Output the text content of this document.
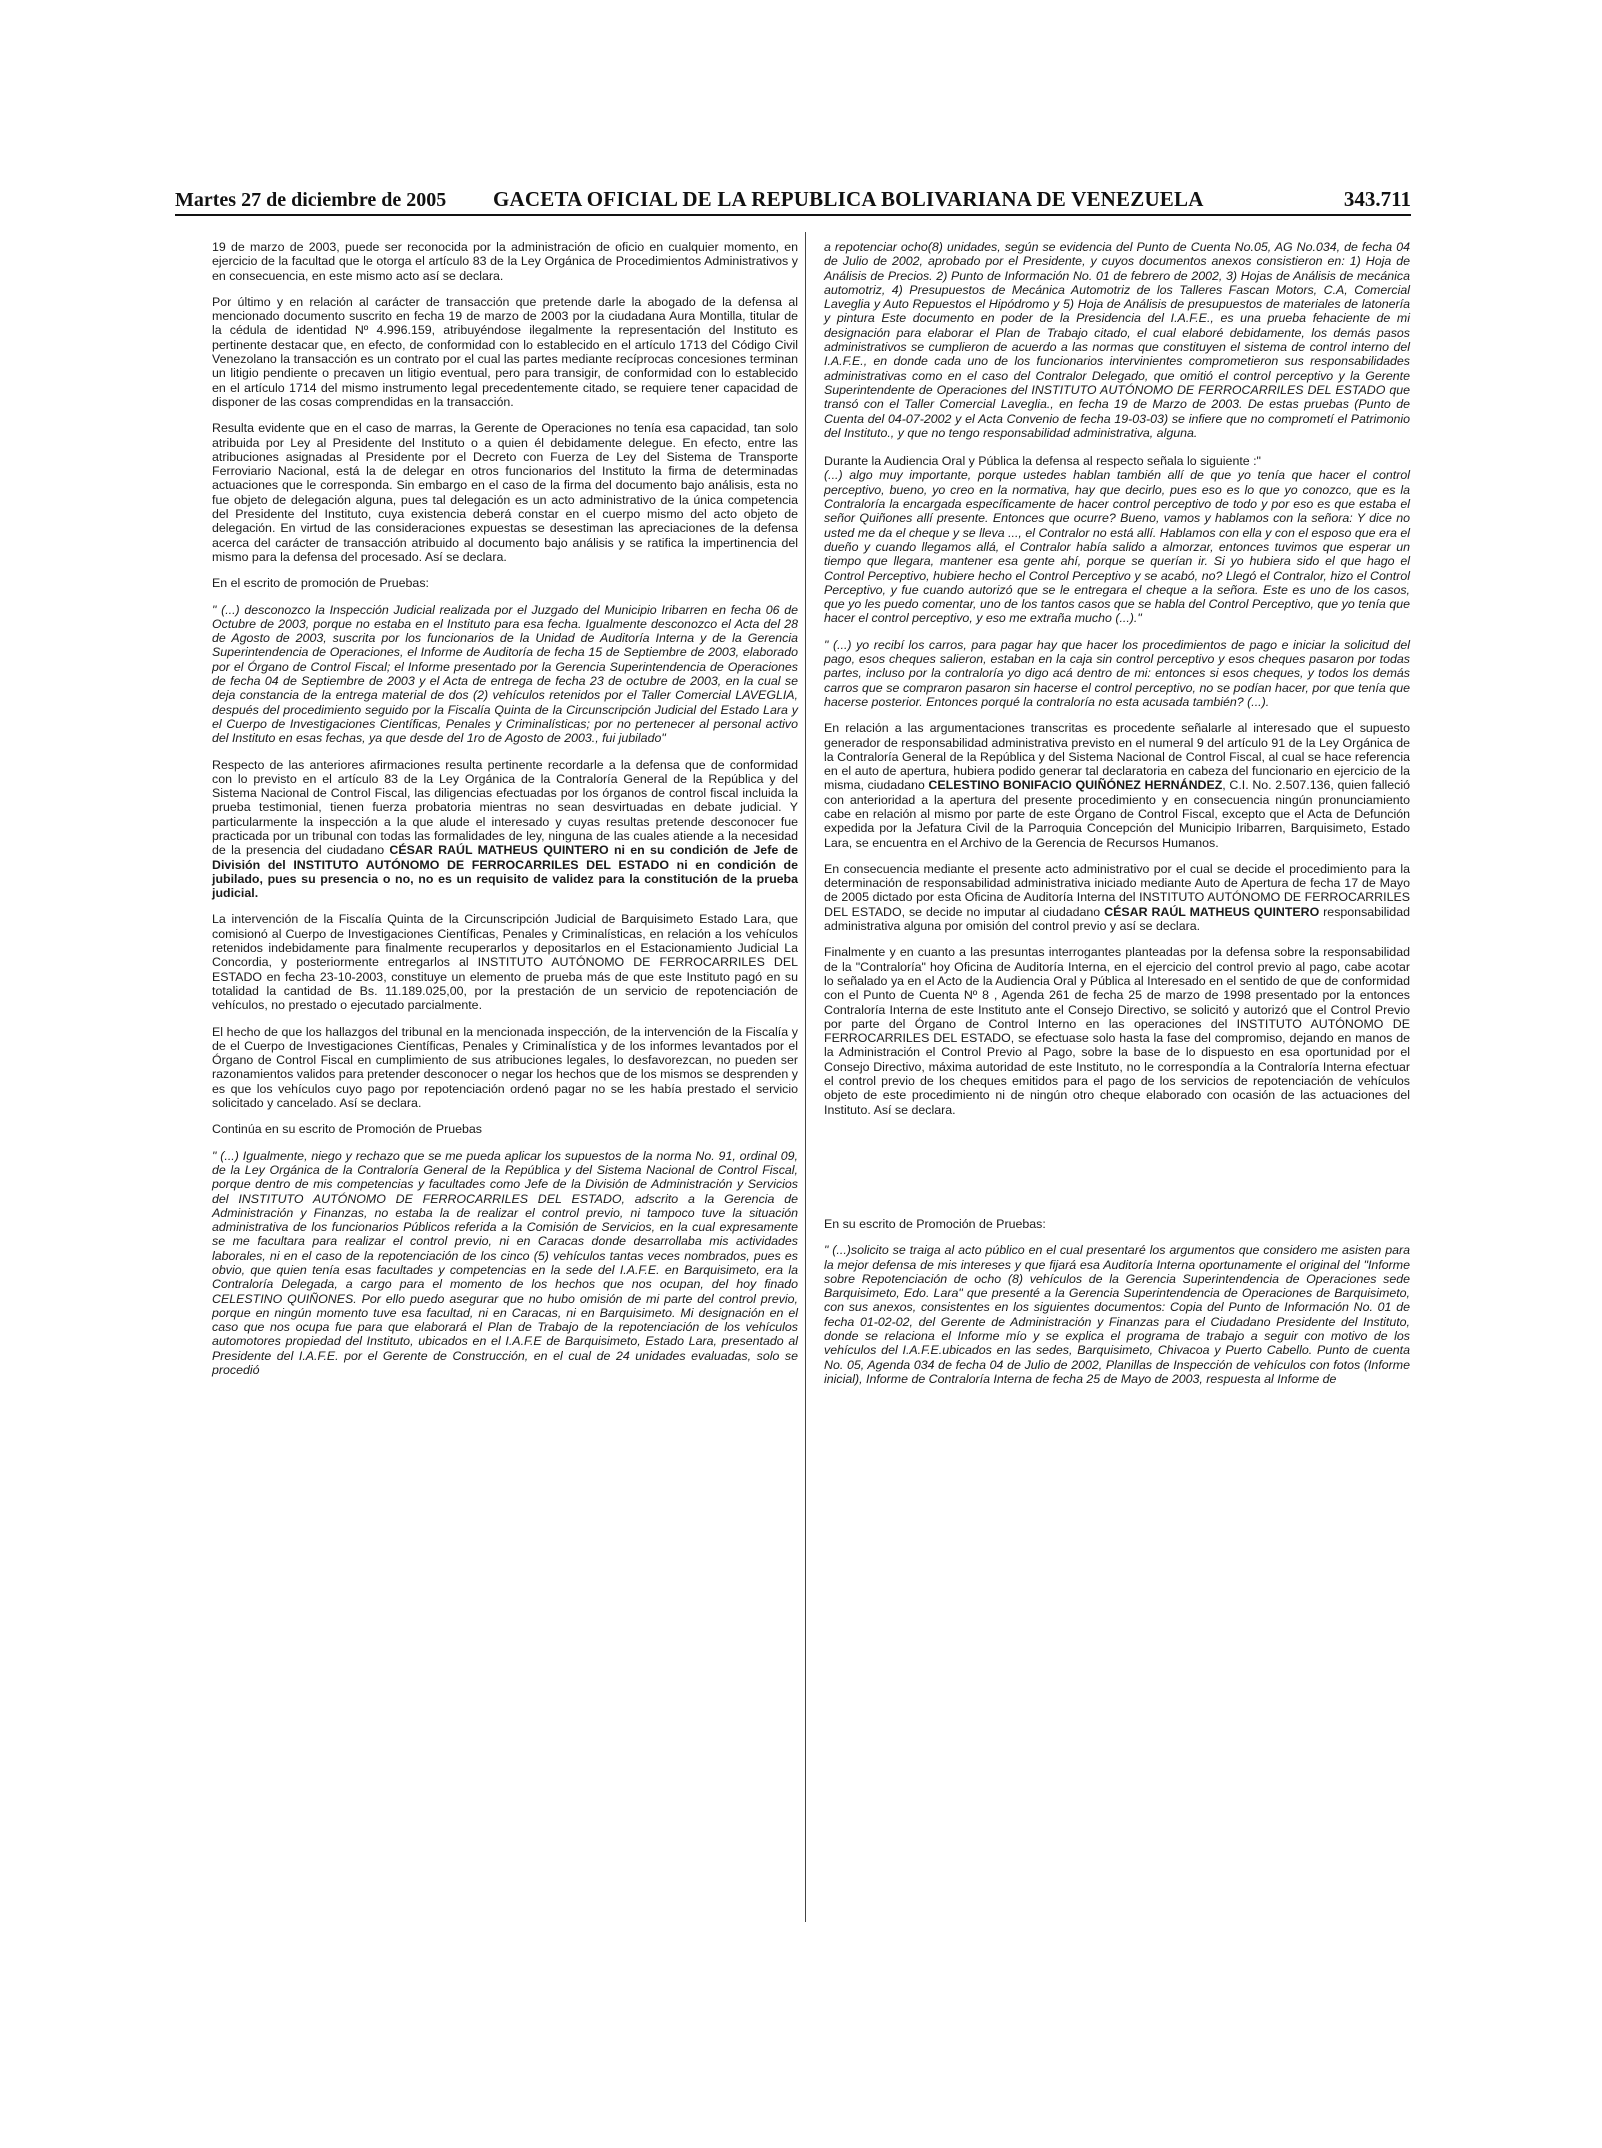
Martes 27 de diciembre de 2005 GACETA OFICIAL DE LA REPUBLICA BOLIVARIANA DE VENEZUELA	343.711

19 de marzo de 2003, puede ser reconocida por la administración de oficio en cualquier momento, en ejercicio de la facultad que le otorga el artículo 83 de la Ley Orgánica de Procedimientos Administrativos y en consecuencia, en este mismo acto así se declara.

Por último y en relación al carácter de transacción que pretende darle la abogado de la defensa al mencionado documento suscrito en fecha 19 de marzo de 2003 por la ciudadana Aura Montilla, titular de la cédula de identidad Nº 4.996.159, atribuyéndose ilegalmente la representación del Instituto es pertinente destacar que, en efecto, de conformidad con lo establecido en el artículo 1713 del Código Civil Venezolano la transacción es un contrato por el cual las partes mediante recíprocas concesiones terminan un litigio pendiente o precaven un litigio eventual, pero para transigir, de conformidad con lo establecido en el artículo 1714 del mismo instrumento legal precedentemente citado, se requiere tener capacidad de disponer de las cosas comprendidas en la transacción.

Resulta evidente que en el caso de marras, la Gerente de Operaciones no tenía esa capacidad, tan solo atribuida por Ley al Presidente del Instituto o a quien él debidamente delegue. En efecto, entre las atribuciones asignadas al Presidente por el Decreto con Fuerza de Ley del Sistema de Transporte Ferroviario Nacional, está la de delegar en otros funcionarios del Instituto la firma de determinadas actuaciones que le corresponda. Sin embargo en el caso de la firma del documento bajo análisis, esta no fue objeto de delegación alguna, pues tal delegación es un acto administrativo de la única competencia del Presidente del Instituto, cuya existencia deberá constar en el cuerpo mismo del acto objeto de delegación. En virtud de las consideraciones expuestas se desestiman las apreciaciones de la defensa acerca del carácter de transacción atribuido al documento bajo análisis y se ratifica la impertinencia del mismo para la defensa del procesado. Así se declara.

En el escrito de promoción de Pruebas:

" (...) desconozco la Inspección Judicial realizada por el Juzgado del Municipio Iribarren en fecha 06 de Octubre de 2003, porque no estaba en el Instituto para esa fecha. Igualmente desconozco el Acta del 28 de Agosto de 2003, suscrita por los funcionarios de la Unidad de Auditoría Interna y de la Gerencia Superintendencia de Operaciones, el Informe de Auditoría de fecha 15 de Septiembre de 2003, elaborado por el Órgano de Control Fiscal; el Informe presentado por la Gerencia Superintendencia de Operaciones de fecha 04 de Septiembre de 2003 y el Acta de entrega de fecha 23 de octubre de 2003, en la cual se deja constancia de la entrega material de dos (2) vehículos retenidos por el Taller Comercial LAVEGLIA, después del procedimiento seguido por la Fiscalía Quinta de la Circunscripción Judicial del Estado Lara y el Cuerpo de Investigaciones Científicas, Penales y Criminalísticas; por no pertenecer al personal activo del Instituto en esas fechas, ya que desde del 1ro de Agosto de 2003., fui jubilado"

Respecto de las anteriores afirmaciones resulta pertinente recordarle a la defensa que de conformidad con lo previsto en el artículo 83 de la Ley Orgánica de la Contraloría General de la República y del Sistema Nacional de Control Fiscal, las diligencias efectuadas por los órganos de control fiscal incluida la prueba testimonial, tienen fuerza probatoria mientras no sean desvirtuadas en debate judicial. Y particularmente la inspección a la que alude el interesado y cuyas resultas pretende desconocer fue practicada por un tribunal con todas las formalidades de ley, ninguna de las cuales atiende a la necesidad de la presencia del ciudadano CÉSAR RAÚL MATHEUS QUINTERO ni en su condición de Jefe de División del INSTITUTO AUTÓNOMO DE FERROCARRILES DEL ESTADO ni en condición de jubilado, pues su presencia o no, no es un requisito de validez para la constitución de la prueba judicial.

La intervención de la Fiscalía Quinta de la Circunscripción Judicial de Barquisimeto Estado Lara, que comisionó al Cuerpo de Investigaciones Científicas, Penales y Criminalísticas, en relación a los vehículos retenidos indebidamente para finalmente recuperarlos y depositarlos en el Estacionamiento Judicial La Concordia, y posteriormente entregarlos al INSTITUTO AUTÓNOMO DE FERROCARRILES DEL ESTADO en fecha 23-10-2003, constituye un elemento de prueba más de que este Instituto pagó en su totalidad la cantidad de Bs. 11.189.025,00, por la prestación de un servicio de repotenciación de vehículos, no prestado o ejecutado parcialmente.

El hecho de que los hallazgos del tribunal en la mencionada inspección, de la intervención de la Fiscalía y de el Cuerpo de Investigaciones Científicas, Penales y Criminalística y de los informes levantados por el Órgano de Control Fiscal en cumplimiento de sus atribuciones legales, lo desfavorezcan, no pueden ser razonamientos validos para pretender desconocer o negar los hechos que de los mismos se desprenden y es que los vehículos cuyo pago por repotenciación ordenó pagar no se les había prestado el servicio solicitado y cancelado. Así se declara.

Continúa en su escrito de Promoción de Pruebas

" (...) Igualmente, niego y rechazo que se me pueda aplicar los supuestos de la norma No. 91, ordinal 09, de la Ley Orgánica de la Contraloría General de la República y del Sistema Nacional de Control Fiscal, porque dentro de mis competencias y facultades como Jefe de la División de Administración y Servicios del INSTITUTO AUTÓNOMO DE FERROCARRILES DEL ESTADO, adscrito a la Gerencia de Administración y Finanzas, no estaba la de realizar el control previo, ni tampoco tuve la situación administrativa de los funcionarios Públicos referida a la Comisión de Servicios, en la cual expresamente se me facultara para realizar el control previo, ni en Caracas donde desarrollaba mis actividades laborales, ni en el caso de la repotenciación de los cinco (5) vehículos tantas veces nombrados, pues es obvio, que quien tenía esas facultades y competencias en la sede del I.A.F.E. en Barquisimeto, era la Contraloría Delegada, a cargo para el momento de los hechos que nos ocupan, del hoy finado CELESTINO QUIÑONES. Por ello puedo asegurar que no hubo omisión de mi parte del control previo, porque en ningún momento tuve esa facultad, ni en Caracas, ni en Barquisimeto. Mi designación en el caso que nos ocupa fue para que elaborará el Plan de Trabajo de la repotenciación de los vehículos automotores propiedad del Instituto, ubicados en el I.A.F.E de Barquisimeto, Estado Lara, presentado al Presidente del I.A.F.E. por el Gerente de Construcción, en el cual de 24 unidades evaluadas, solo se procedió

a repotenciar ocho(8) unidades, según se evidencia del Punto de Cuenta No.05, AG No.034, de fecha 04 de Julio de 2002, aprobado por el Presidente, y cuyos documentos anexos consistieron en: 1) Hoja de Análisis de Precios. 2) Punto de Información No. 01 de febrero de 2002, 3) Hojas de Análisis de mecánica automotriz, 4) Presupuestos de Mecánica Automotriz de los Talleres Fascan Motors, C.A, Comercial Laveglia y Auto Repuestos el Hipódromo y 5) Hoja de Análisis de presupuestos de materiales de latonería y pintura Este documento en poder de la Presidencia del I.A.F.E., es una prueba fehaciente de mi designación para elaborar el Plan de Trabajo citado, el cual elaboré debidamente, los demás pasos administrativos se cumplieron de acuerdo a las normas que constituyen el sistema de control interno del I.A.F.E., en donde cada uno de los funcionarios intervinientes comprometieron sus responsabilidades administrativas como en el caso del Contralor Delegado, que omitió el control perceptivo y la Gerente Superintendente de Operaciones del INSTITUTO AUTÓNOMO DE FERROCARRILES DEL ESTADO que transó con el Taller Comercial Laveglia., en fecha 19 de Marzo de 2003. De estas pruebas (Punto de Cuenta del 04-07-2002 y el Acta Convenio de fecha 19-03-03) se infiere que no comprometí el Patrimonio del Instituto., y que no tengo responsabilidad administrativa, alguna.

Durante la Audiencia Oral y Pública la defensa al respecto señala lo siguiente :"
(...) algo muy importante, porque ustedes hablan también allí de que yo tenía que hacer el control perceptivo, bueno, yo creo en la normativa, hay que decirlo, pues eso es lo que yo conozco, que es la Contraloría la encargada específicamente de hacer control perceptivo de todo y por eso es que estaba el señor Quiñones allí presente. Entonces que ocurre? Bueno, vamos y hablamos con la señora: Y dice no usted me da el cheque y se lleva ..., el Contralor no está allí. Hablamos con ella y con el esposo que era el dueño y cuando llegamos allá, el Contralor había salido a almorzar, entonces tuvimos que esperar un tiempo que llegara, mantener esa gente ahí, porque se querían ir. Si yo hubiera sido el que hago el Control Perceptivo, hubiere hecho el Control Perceptivo y se acabó, no? Llegó el Contralor, hizo el Control Perceptivo, y fue cuando autorizó que se le entregara el cheque a la señora. Este es uno de los casos, que yo les puedo comentar, uno de los tantos casos que se habla del Control Perceptivo, que yo tenía que hacer el control perceptivo, y eso me extraña mucho (...)."

" (...) yo recibí los carros, para pagar hay que hacer los procedimientos de pago e iniciar la solicitud del pago, esos cheques salieron, estaban en la caja sin control perceptivo y esos cheques pasaron por todas partes, incluso por la contraloría yo digo acá dentro de mi: entonces si esos cheques, y todos los demás carros que se compraron pasaron sin hacerse el control perceptivo, no se podían hacer, por que tenía que hacerse posterior. Entonces porqué la contraloría no esta acusada también? (...).

En relación a las argumentaciones transcritas es procedente señalarle al interesado que el supuesto generador de responsabilidad administrativa previsto en el numeral 9 del artículo 91 de la Ley Orgánica de la Contraloría General de la República y del Sistema Nacional de Control Fiscal, al cual se hace referencia en el auto de apertura, hubiera podido generar tal declaratoria en cabeza del funcionario en ejercicio de la misma, ciudadano CELESTINO BONIFACIO QUIÑÓNEZ HERNÁNDEZ, C.I. No. 2.507.136, quien falleció con anterioridad a la apertura del presente procedimiento y en consecuencia ningún pronunciamiento cabe en relación al mismo por parte de este Órgano de Control Fiscal, excepto que el Acta de Defunción expedida por la Jefatura Civil de la Parroquia Concepción del Municipio Iribarren, Barquisimeto, Estado Lara, se encuentra en el Archivo de la Gerencia de Recursos Humanos.

En consecuencia mediante el presente acto administrativo por el cual se decide el procedimiento para la determinación de responsabilidad administrativa iniciado mediante Auto de Apertura de fecha 17 de Mayo de 2005 dictado por esta Oficina de Auditoría Interna del INSTITUTO AUTÓNOMO DE FERROCARRILES DEL ESTADO, se decide no imputar al ciudadano CÉSAR RAÚL MATHEUS QUINTERO responsabilidad administrativa alguna por omisión del control previo y así se declara.

Finalmente y en cuanto a las presuntas interrogantes planteadas por la defensa sobre la responsabilidad de la "Contraloría" hoy Oficina de Auditoría Interna, en el ejercicio del control previo al pago, cabe acotar lo señalado ya en el Acto de la Audiencia Oral y Pública al Interesado en el sentido de que de conformidad con el Punto de Cuenta Nº 8 , Agenda 261 de fecha 25 de marzo de 1998 presentado por la entonces Contraloría Interna de este Instituto ante el Consejo Directivo, se solicitó y autorizó que el Control Previo por parte del Órgano de Control Interno en las operaciones del INSTITUTO AUTÓNOMO DE FERROCARRILES DEL ESTADO, se efectuase solo hasta la fase del compromiso, dejando en manos de la Administración el Control Previo al Pago, sobre la base de lo dispuesto en esa oportunidad por el Consejo Directivo, máxima autoridad de este Instituto, no le correspondía a la Contraloría Interna efectuar el control previo de los cheques emitidos para el pago de los servicios de repotenciación de vehículos objeto de este procedimiento ni de ningún otro cheque elaborado con ocasión de las actuaciones del Instituto. Así se declara.

En su escrito de Promoción de Pruebas:

" (...)solicito se traiga al acto público en el cual presentaré los argumentos que considero me asisten para la mejor defensa de mis intereses y que fijará esa Auditoría Interna oportunamente el original del "Informe sobre Repotenciación de ocho (8) vehículos de la Gerencia Superintendencia de Operaciones sede Barquisimeto, Edo. Lara" que presenté a la Gerencia Superintendencia de Operaciones de Barquisimeto, con sus anexos, consistentes en los siguientes documentos: Copia del Punto de Información No. 01 de fecha 01-02-02, del Gerente de Administración y Finanzas para el Ciudadano Presidente del Instituto, donde se relaciona el Informe mío y se explica el programa de trabajo a seguir con motivo de los vehículos del I.A.F.E.ubicados en las sedes, Barquisimeto, Chivacoa y Puerto Cabello. Punto de cuenta No. 05, Agenda 034 de fecha 04 de Julio de 2002, Planillas de Inspección de vehículos con fotos (Informe inicial), Informe de Contraloría Interna de fecha 25 de Mayo de 2003, respuesta al Informe de
